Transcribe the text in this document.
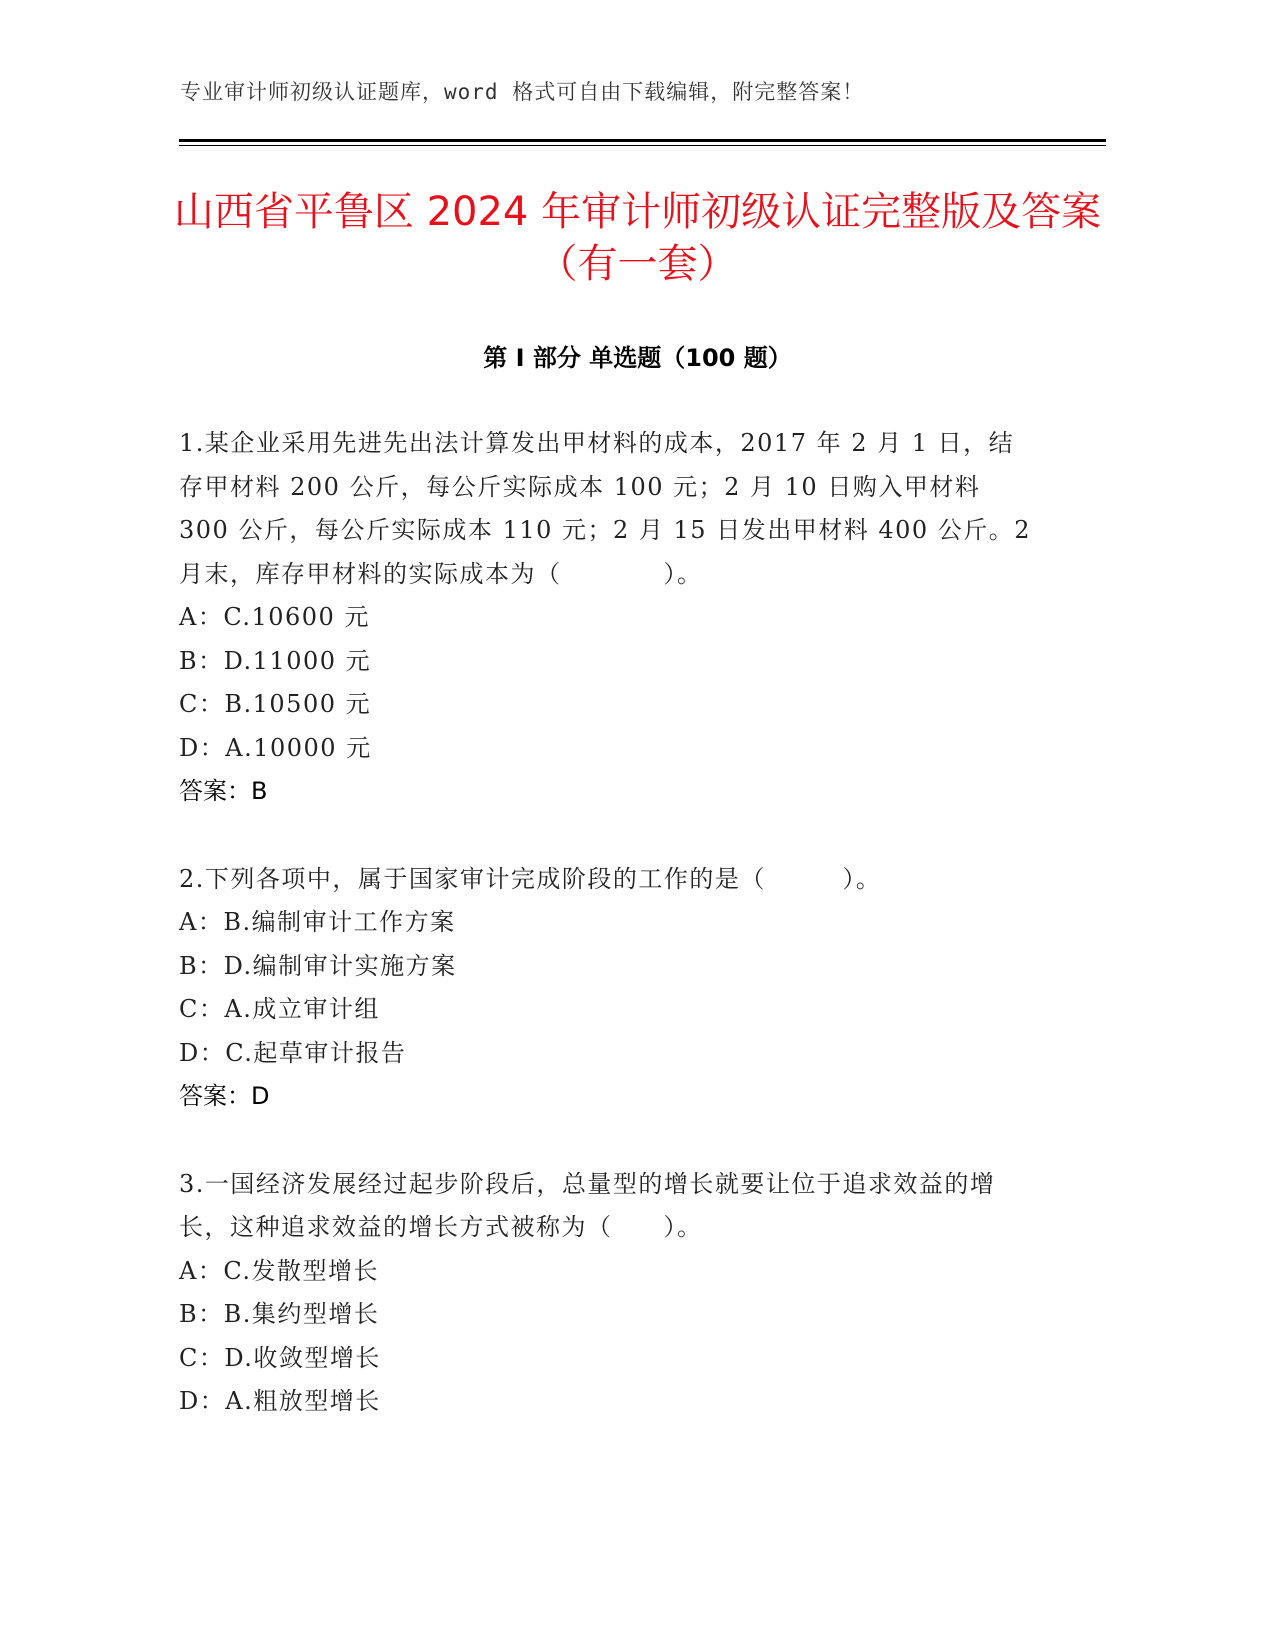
专业审计师初级认证题库，word 格式可自由下载编辑，附完整答案！
山西省平鲁区 2024 年审计师初级认证完整版及答案（有一套）
第 I 部分 单选题（100 题）
1.某企业采用先进先出法计算发出甲材料的成本，2017 年 2 月 1 日，结存甲材料 200 公斤，每公斤实际成本 100 元；2 月 10 日购入甲材料 300 公斤，每公斤实际成本 110 元；2 月 15 日发出甲材料 400 公斤。2 月末，库存甲材料的实际成本为（　　　　）。
A：C.10600 元
B：D.11000 元
C：B.10500 元
D：A.10000 元
答案：B
2.下列各项中，属于国家审计完成阶段的工作的是（　　　）。
A：B.编制审计工作方案
B：D.编制审计实施方案
C：A.成立审计组
D：C.起草审计报告
答案：D
3.一国经济发展经过起步阶段后，总量型的增长就要让位于追求效益的增长，这种追求效益的增长方式被称为（　　）。
A：C.发散型增长
B：B.集约型增长
C：D.收敛型增长
D：A.粗放型增长
